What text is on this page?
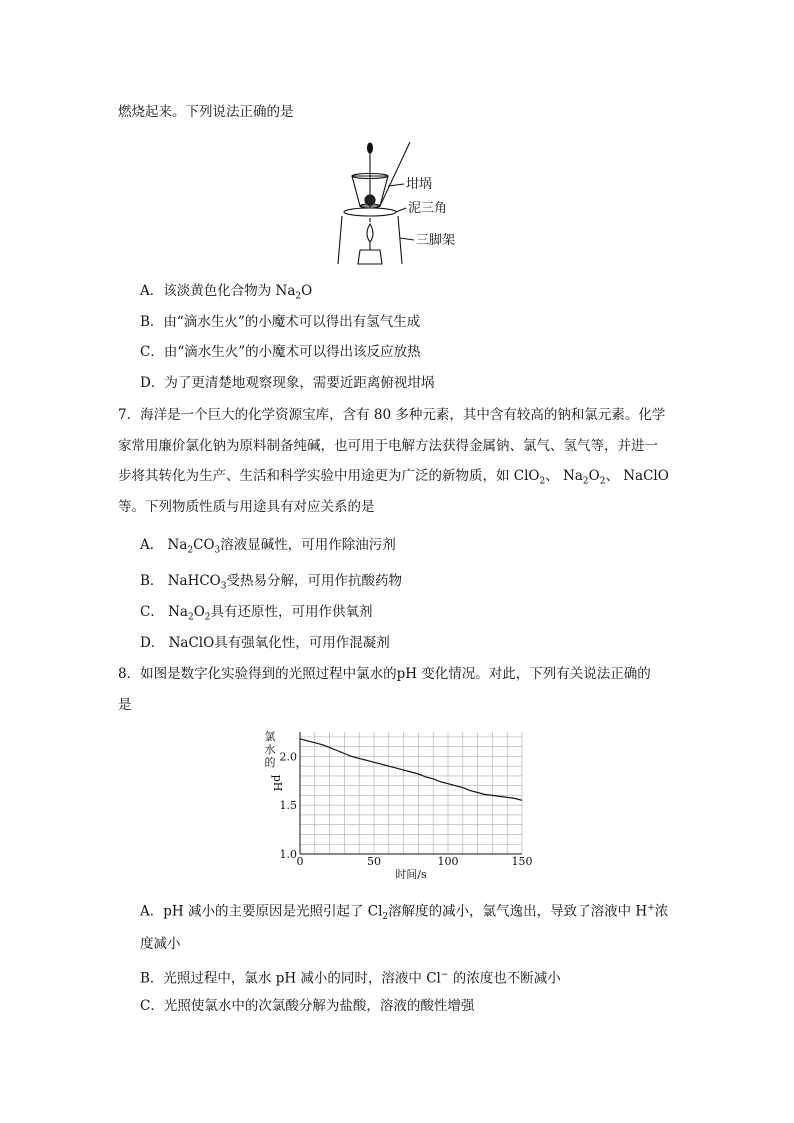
燃烧起来。下列说法正确的是
坩埚
泥三角
三脚架
A．该淡黄色化合物为 $Na_2O$
B．由“滴水生火”的小魔术可以得出有氢气生成
C．由“滴水生火”的小魔术可以得出该反应放热
D．为了更清楚地观察现象，需要近距离俯视坩埚
7．海洋是一个巨大的化学资源宝库，含有 80 多种元素，其中含有较高的钠和氯元素。化学
家常用廉价氯化钠为原料制备纯碱，也可用于电解方法获得金属钠、氯气、氢气等，并进一
步将其转化为生产、生活和科学实验中用途更为广泛的新物质，如 ClO$_2$、 $Na_2O_2$、 NaClO
等。下列物质性质与用途具有对应关系的是
A． $Na_2CO_3$溶液显碱性，可用作除油污剂
B． NaHCO$_3$受热易分解，可用作抗酸药物
C． $Na_2O_2$具有还原性，可用作供氧剂
D． NaClO具有强氧化性，可用作混凝剂
8．如图是数字化实验得到的光照过程中氯水的pH 变化情况。对此，下列有关说法正确的
是
0	50	100	150
1.0
1.5
2.0
时间/s
氯
水
的
pH
A．pH 减小的主要原因是光照引起了 $Cl_2$溶解度的减小，氯气逸出，导致了溶液中 H+浓
度减小
B．光照过程中，氯水 pH 减小的同时，溶液中 Cl− 的浓度也不断减小
C．光照使氯水中的次氯酸分解为盐酸，溶液的酸性增强
